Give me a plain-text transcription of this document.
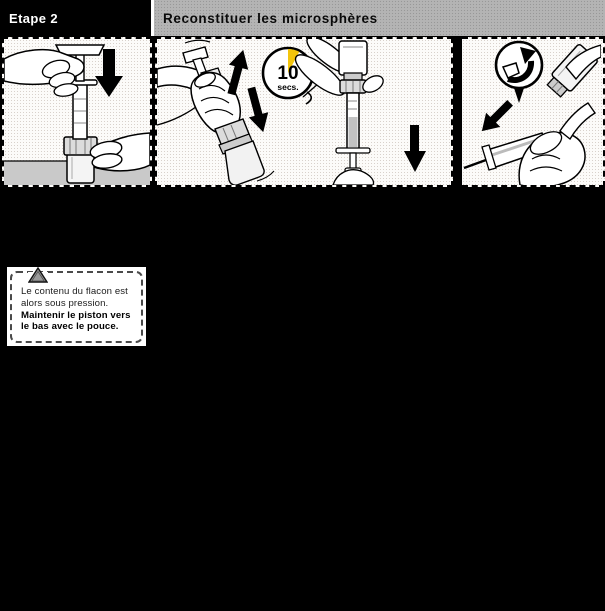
Etape 2	Reconstituer les microsphères
10
secs.
Le contenu du flacon est
alors sous pression.
Maintenir le piston vers
le bas avec le pouce.
